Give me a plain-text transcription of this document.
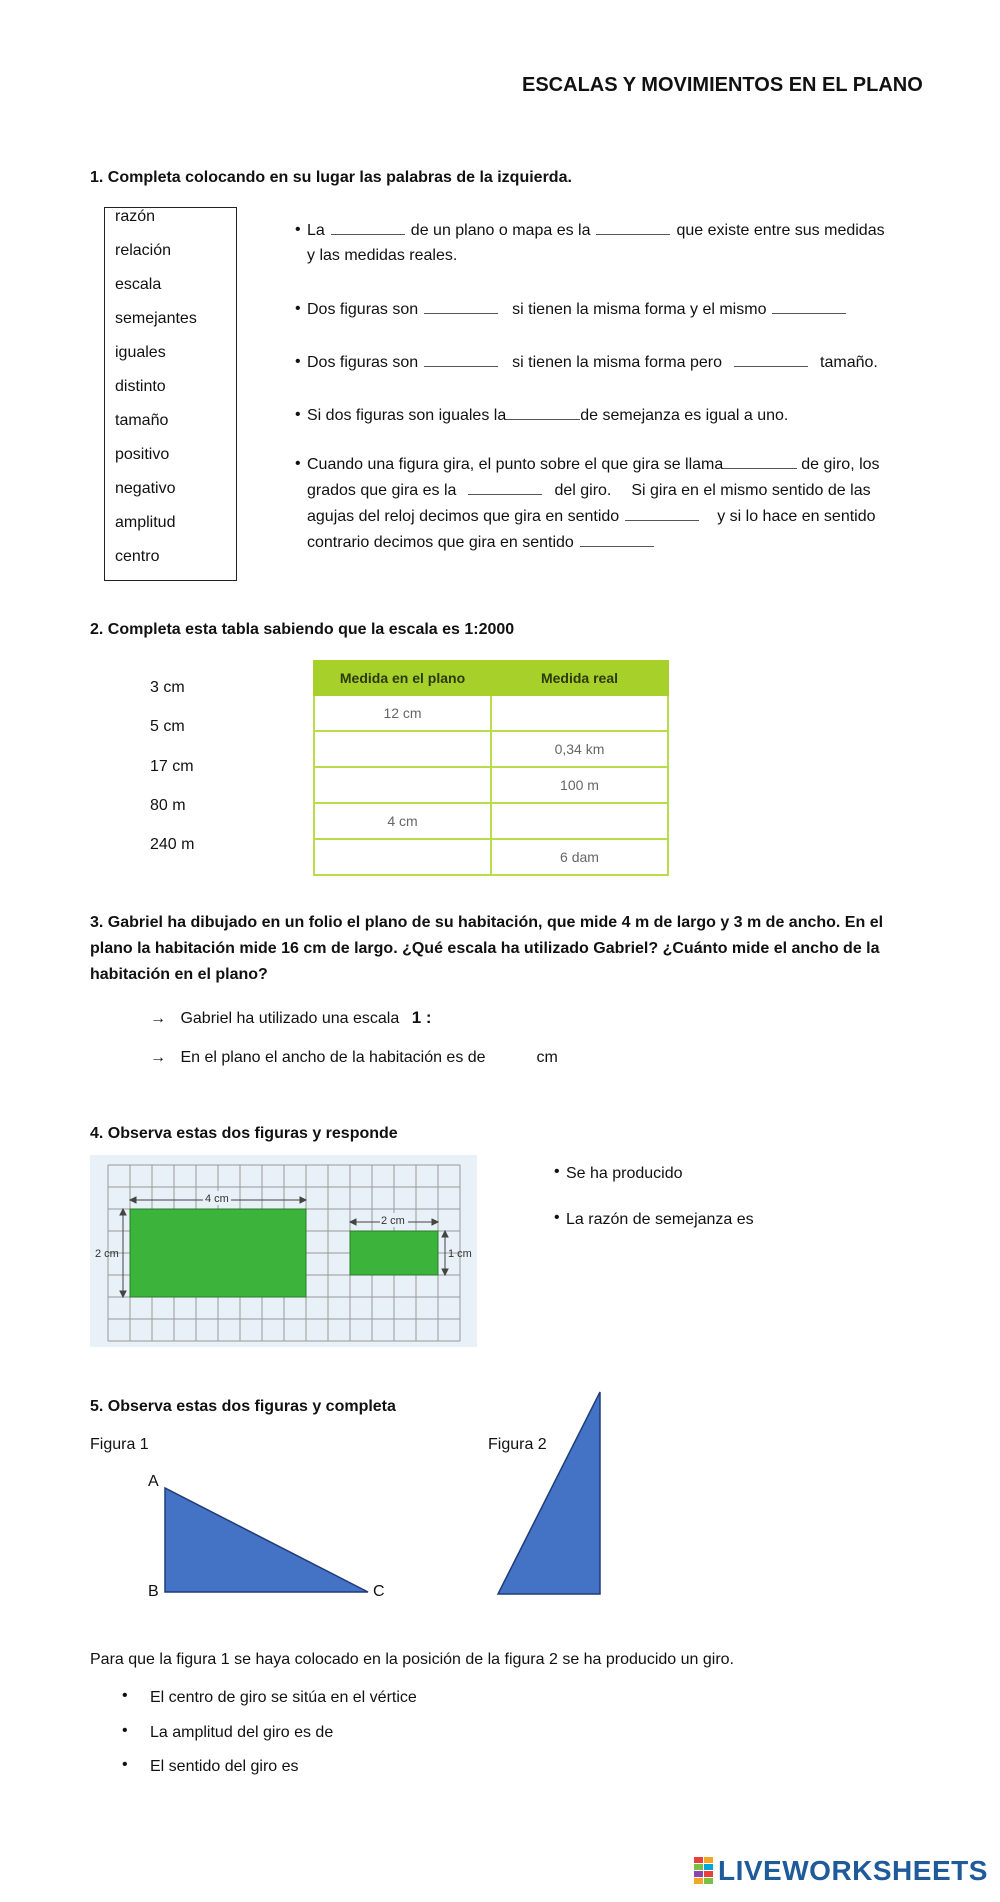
ESCALAS Y MOVIMIENTOS EN EL PLANO
1. Completa colocando en su lugar las palabras de la izquierda.
razón
relación
escala
semejantes
iguales
distinto
tamaño
positivo
negativo
amplitud
centro
• La	de un plano o mapa es la	que existe entre sus medidas
y las medidas reales.
• Dos figuras son	si tienen la misma forma y el mismo
• Dos figuras son	si tienen la misma forma pero	tamaño.
• Si dos figuras son iguales la	de semejanza es igual a uno.
• Cuando una figura gira, el punto sobre el que gira se llama	de giro, los
grados que gira es la	del giro. Si gira en el mismo sentido de las
agujas del reloj decimos que gira en sentido	y si lo hace en sentido
contrario decimos que gira en sentido
2. Completa esta tabla sabiendo que la escala es 1:2000
3 cm
5 cm
17 cm
80 m
240 m
Medida en el plano	Medida real
12 cm	
	0,34 km
	100 m
4 cm	
	6 dam
3. Gabriel ha dibujado en un folio el plano de su habitación, que mide 4 m de largo y 3 m de ancho. En el
plano la habitación mide 16 cm de largo. ¿Qué escala ha utilizado Gabriel? ¿Cuánto mide el ancho de la
habitación en el plano?
→ Gabriel ha utilizado una escala 1 :
→ En el plano el ancho de la habitación es de	cm
4. Observa estas dos figuras y responde
4 cm
2 cm
2 cm
1 cm
• Se ha producido
• La razón de semejanza es
5. Observa estas dos figuras y completa
Figura 1	Figura 2
A
B	C
Para que la figura 1 se haya colocado en la posición de la figura 2 se ha producido un giro.
• El centro de giro se sitúa en el vértice
• La amplitud del giro es de
• El sentido del giro es
LIVEWORKSHEETS
